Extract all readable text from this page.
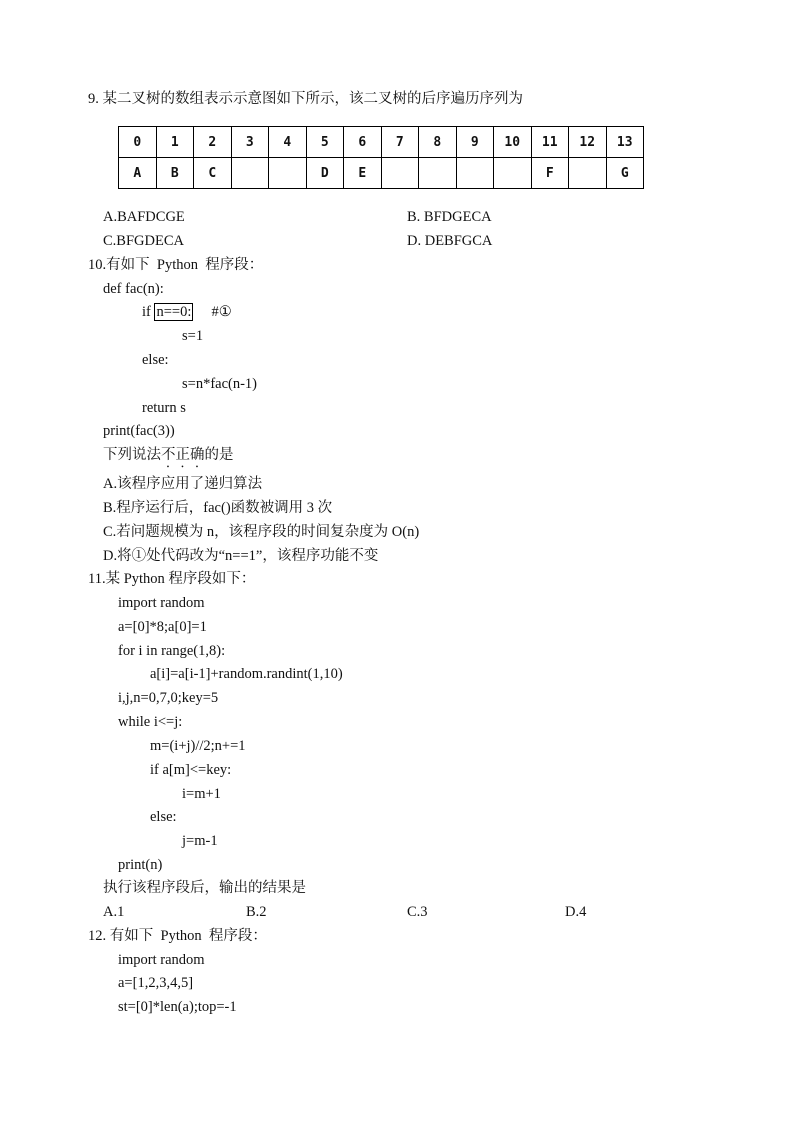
9. 某二叉树的数组表示示意图如下所示，该二叉树的后序遍历序列为
0	1	2	3	4	5	6	7	8	9	10	11	12	13
A	B	C			D	E					F		G
A.BAFDCGE	B. BFDGECA
C.BFGDECA	D. DEBFGCA
10.有如下  Python  程序段：
def fac(n):
if n==0:     #①
s=1
else:
s=n*fac(n-1)
return s
print(fac(3))
下列说法不正确的是
A.该程序应用了递归算法
B.程序运行后，fac()函数被调用 3 次
C.若问题规模为 n，该程序段的时间复杂度为 O(n)
D.将①处代码改为“n==1”，该程序功能不变
11.某 Python 程序段如下：
import random
a=[0]*8;a[0]=1
for i in range(1,8):
a[i]=a[i-1]+random.randint(1,10)
i,j,n=0,7,0;key=5
while i<=j:
m=(i+j)//2;n+=1
if a[m]<=key:
i=m+1
else:
j=m-1
print(n)
执行该程序段后，输出的结果是
A.1	B.2	C.3	D.4
12. 有如下  Python  程序段：
import random
a=[1,2,3,4,5]
st=[0]*len(a);top=-1
